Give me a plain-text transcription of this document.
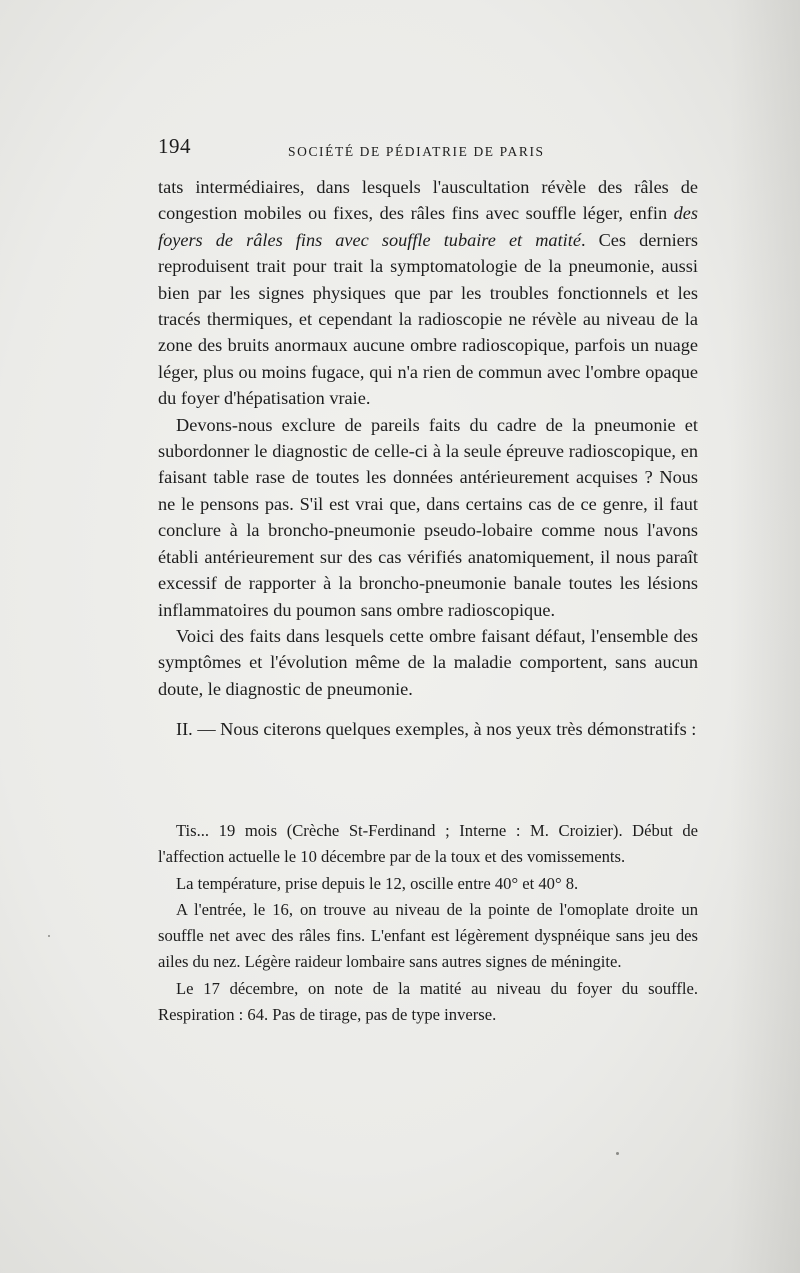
194	SOCIÉTÉ DE PÉDIATRIE DE PARIS

tats intermédiaires, dans lesquels l'auscultation révèle des râles de congestion mobiles ou fixes, des râles fins avec souffle léger, enfin des foyers de râles fins avec souffle tubaire et matité. Ces derniers reproduisent trait pour trait la symptomatologie de la pneumonie, aussi bien par les signes physiques que par les troubles fonctionnels et les tracés thermiques, et cependant la radioscopie ne révèle au niveau de la zone des bruits anormaux aucune ombre radioscopique, parfois un nuage léger, plus ou moins fugace, qui n'a rien de commun avec l'ombre opaque du foyer d'hépatisation vraie.

Devons-nous exclure de pareils faits du cadre de la pneumonie et subordonner le diagnostic de celle-ci à la seule épreuve radioscopique, en faisant table rase de toutes les données antérieurement acquises ? Nous ne le pensons pas. S'il est vrai que, dans certains cas de ce genre, il faut conclure à la broncho-pneumonie pseudo-lobaire comme nous l'avons établi antérieurement sur des cas vérifiés anatomiquement, il nous paraît excessif de rapporter à la broncho-pneumonie banale toutes les lésions inflammatoires du poumon sans ombre radioscopique.

Voici des faits dans lesquels cette ombre faisant défaut, l'ensemble des symptômes et l'évolution même de la maladie comportent, sans aucun doute, le diagnostic de pneumonie.

II. — Nous citerons quelques exemples, à nos yeux très démonstratifs :

Tis... 19 mois (Crèche St-Ferdinand ; Interne : M. Croizier). Début de l'affection actuelle le 10 décembre par de la toux et des vomissements.

La température, prise depuis le 12, oscille entre 40° et 40° 8.

A l'entrée, le 16, on trouve au niveau de la pointe de l'omoplate droite un souffle net avec des râles fins. L'enfant est légèrement dyspnéique sans jeu des ailes du nez. Légère raideur lombaire sans autres signes de méningite.

Le 17 décembre, on note de la matité au niveau du foyer du souffle. Respiration : 64. Pas de tirage, pas de type inverse.
